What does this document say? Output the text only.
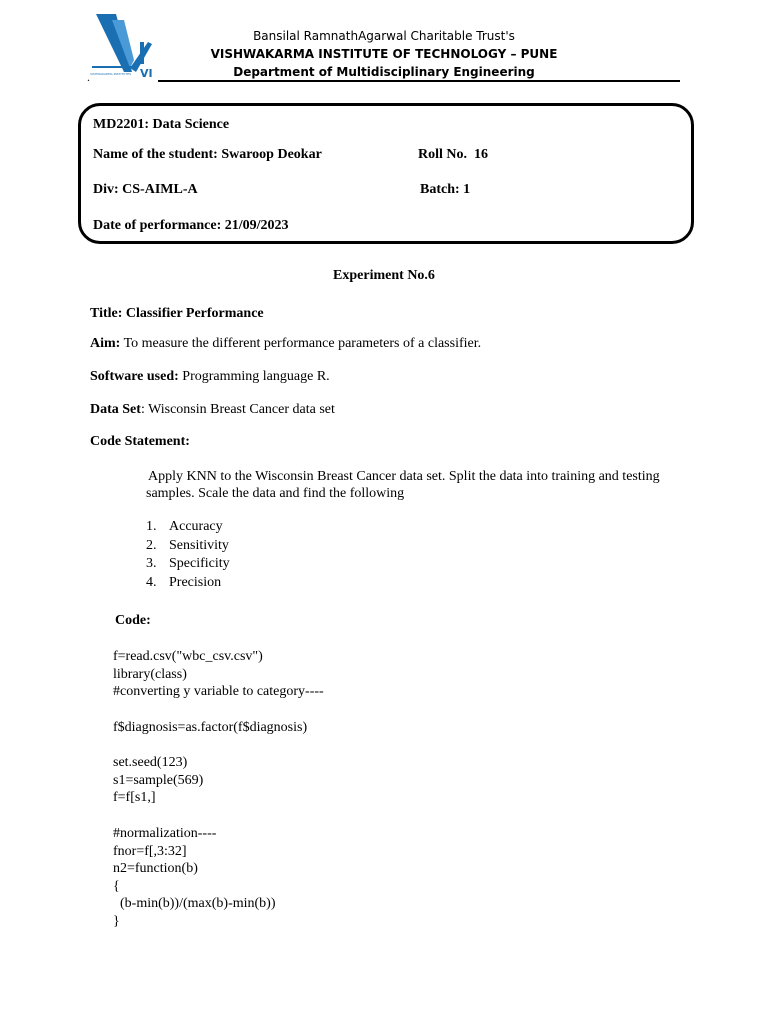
VI
VISHWAKARMA INSTITUTES
.
Bansilal RamnathAgarwal Charitable Trust's
VISHWAKARMA INSTITUTE OF TECHNOLOGY – PUNE
Department of Multidisciplinary Engineering
MD2201: Data Science
Name of the student: Swaroop Deokar	Roll No.  16
Div: CS-AIML-A	Batch: 1
Date of performance: 21/09/2023
Experiment No.6
Title: Classifier Performance
Aim: To measure the different performance parameters of a classifier.
Software used: Programming language R.
Data Set: Wisconsin Breast Cancer data set
Code Statement:
Apply KNN to the Wisconsin Breast Cancer data set. Split the data into training and testing
samples. Scale the data and find the following
1. Accuracy
2. Sensitivity
3. Specificity
4. Precision
Code:
f=read.csv("wbc_csv.csv")
library(class)
#converting y variable to category----
f$diagnosis=as.factor(f$diagnosis)
set.seed(123)
s1=sample(569)
f=f[s1,]
#normalization----
fnor=f[,3:32]
n2=function(b)
{
(b-min(b))/(max(b)-min(b))
}
